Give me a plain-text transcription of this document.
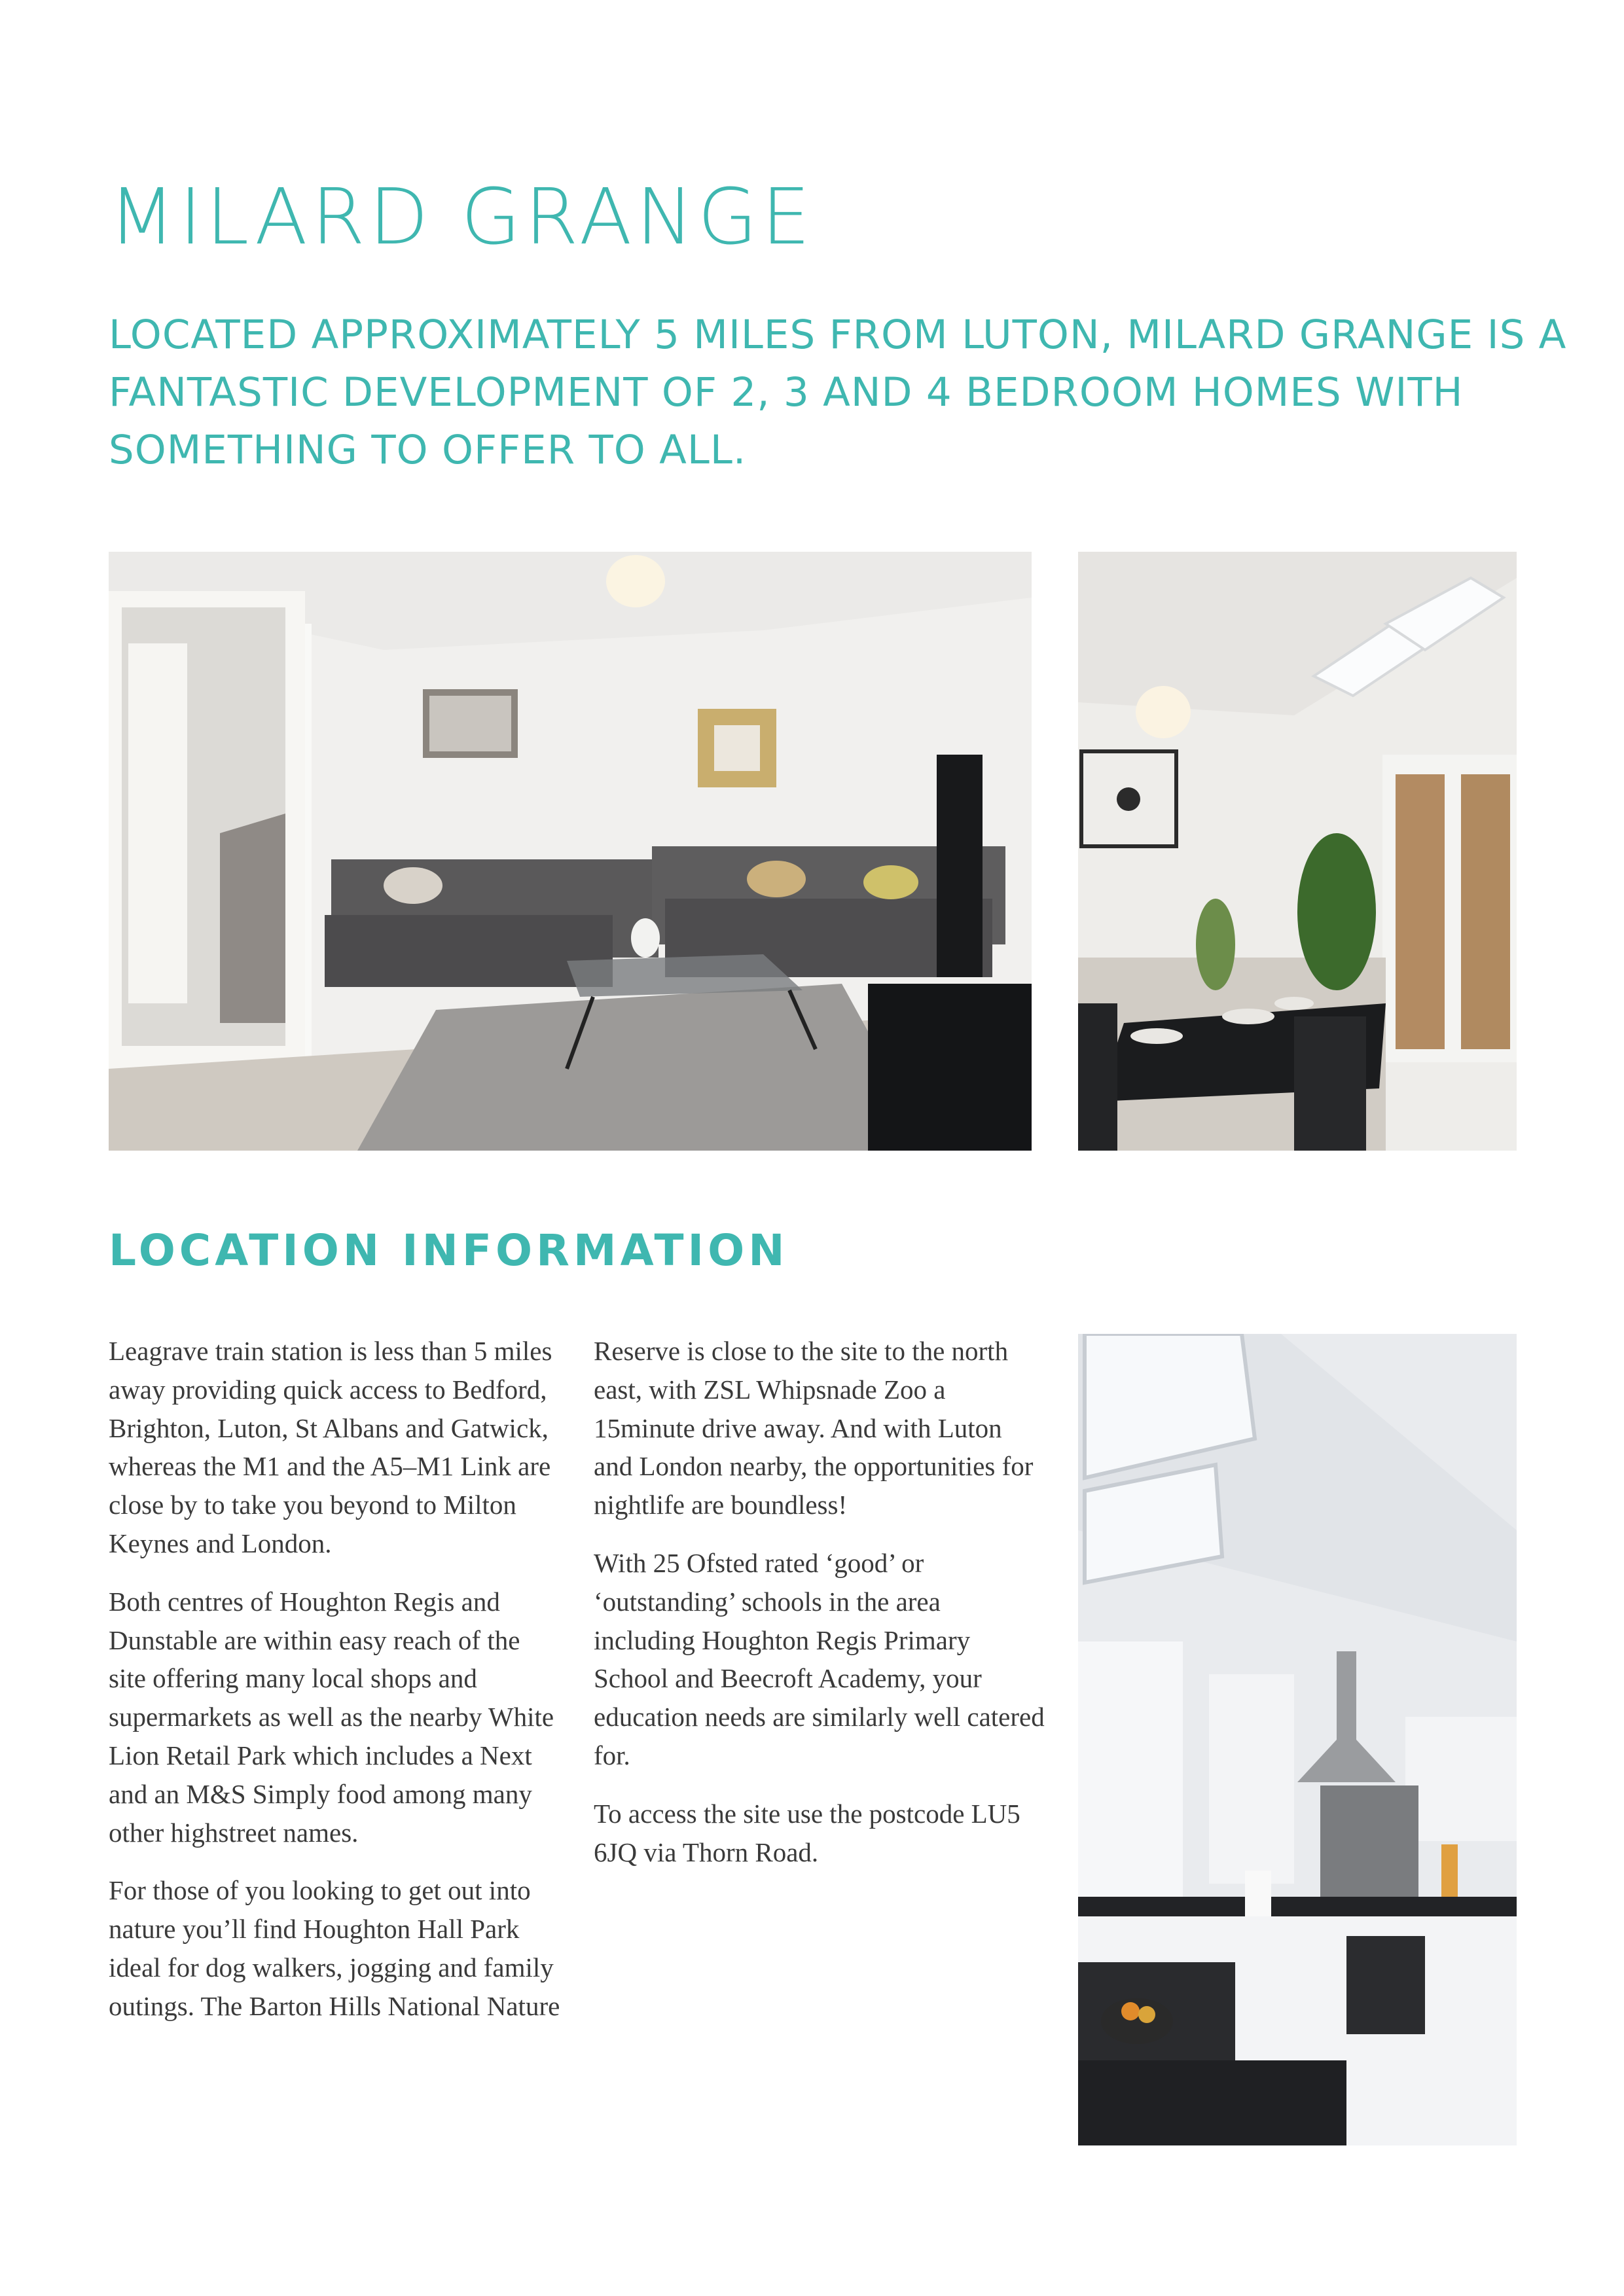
MILARD GRANGE

LOCATED APPROXIMATELY 5 MILES FROM LUTON, MILARD GRANGE IS A FANTASTIC DEVELOPMENT OF 2, 3 AND 4 BEDROOM HOMES WITH SOMETHING TO OFFER TO ALL.

LOCATION INFORMATION

Leagrave train station is less than 5 miles away providing quick access to Bedford, Brighton, Luton, St Albans and Gatwick, whereas the M1 and the A5–M1 Link are close by to take you beyond to Milton Keynes and London.

Both centres of Houghton Regis and Dunstable are within easy reach of the site offering many local shops and supermarkets as well as the nearby White Lion Retail Park which includes a Next and an M&S Simply food among many other highstreet names.

For those of you looking to get out into nature you’ll find Houghton Hall Park ideal for dog walkers, jogging and family outings. The Barton Hills National Nature

Reserve is close to the site to the north east, with ZSL Whipsnade Zoo a 15minute drive away. And with Luton and London nearby, the opportunities for nightlife are boundless!

With 25 Ofsted rated ‘good’ or ‘outstanding’ schools in the area including Houghton Regis Primary School and Beecroft Academy, your education needs are similarly well catered for.

To access the site use the postcode LU5 6JQ via Thorn Road.
